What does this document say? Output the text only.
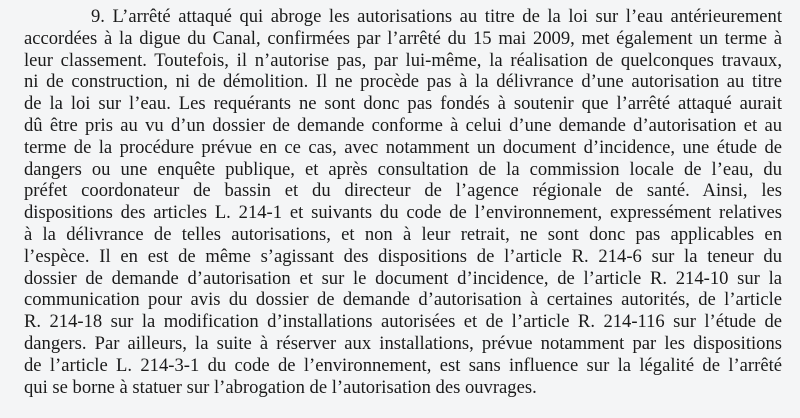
9. L’arrêté attaqué qui abroge les autorisations au titre de la loi sur l’eau antérieurement
accordées à la digue du Canal, confirmées par l’arrêté du 15 mai 2009, met également un terme à
leur classement. Toutefois, il n’autorise pas, par lui-même, la réalisation de quelconques travaux,
ni de construction, ni de démolition. Il ne procède pas à la délivrance d’une autorisation au titre
de la loi sur l’eau. Les requérants ne sont donc pas fondés à soutenir que l’arrêté attaqué aurait
dû être pris au vu d’un dossier de demande conforme à celui d’une demande d’autorisation et au
terme de la procédure prévue en ce cas, avec notamment un document d’incidence, une étude de
dangers ou une enquête publique, et après consultation de la commission locale de l’eau, du
préfet coordonateur de bassin et du directeur de l’agence régionale de santé. Ainsi, les
dispositions des articles L. 214-1 et suivants du code de l’environnement, expressément relatives
à la délivrance de telles autorisations, et non à leur retrait, ne sont donc pas applicables en
l’espèce. Il en est de même s’agissant des dispositions de l’article R. 214-6 sur la teneur du
dossier de demande d’autorisation et sur le document d’incidence, de l’article R. 214-10 sur la
communication pour avis du dossier de demande d’autorisation à certaines autorités, de l’article
R. 214-18 sur la modification d’installations autorisées et de l’article R. 214-116 sur l’étude de
dangers. Par ailleurs, la suite à réserver aux installations, prévue notamment par les dispositions
de l’article L. 214-3-1 du code de l’environnement, est sans influence sur la légalité de l’arrêté
qui se borne à statuer sur l’abrogation de l’autorisation des ouvrages.
